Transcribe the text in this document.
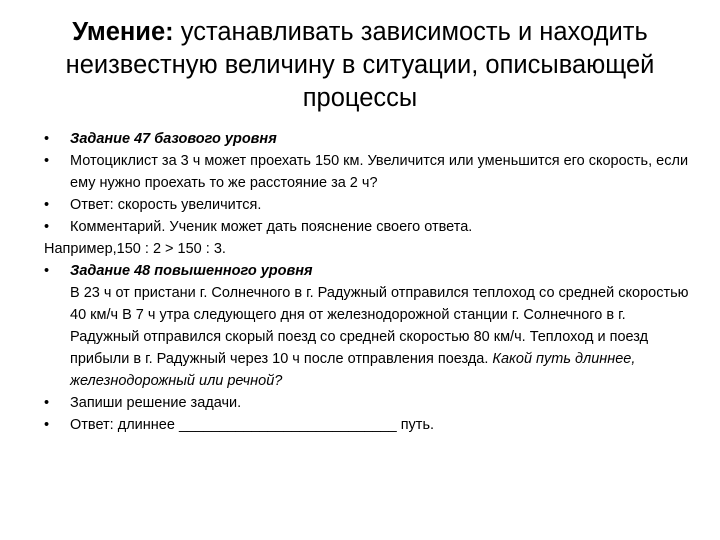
Умение: устанавливать зависимость и находить неизвестную величину в ситуации, описывающей процессы
•	Задание 47 базового уровня
•	Мотоциклист за 3 ч может проехать 150 км. Увеличится или уменьшится его скорость, если ему нужно проехать то же расстояние за 2 ч?
•	Ответ: скорость увеличится.
•	Комментарий. Ученик может дать пояснение своего ответа.
Например,150 : 2 > 150 : 3.
•	Задание 48 повышенного уровня
В 23 ч от пристани г. Солнечного в г. Радужный отправился теплоход со средней скоростью 40 км/ч В 7 ч утра следующего дня от железнодорожной станции г. Солнечного в г. Радужный отправился скорый поезд со средней скоростью 80 км/ч. Теплоход и поезд прибыли в г. Радужный через 10 ч после отправления поезда. Какой путь длиннее, железнодорожный или речной?
•	Запиши решение задачи.
•	Ответ: длиннее ___________________________ путь.
